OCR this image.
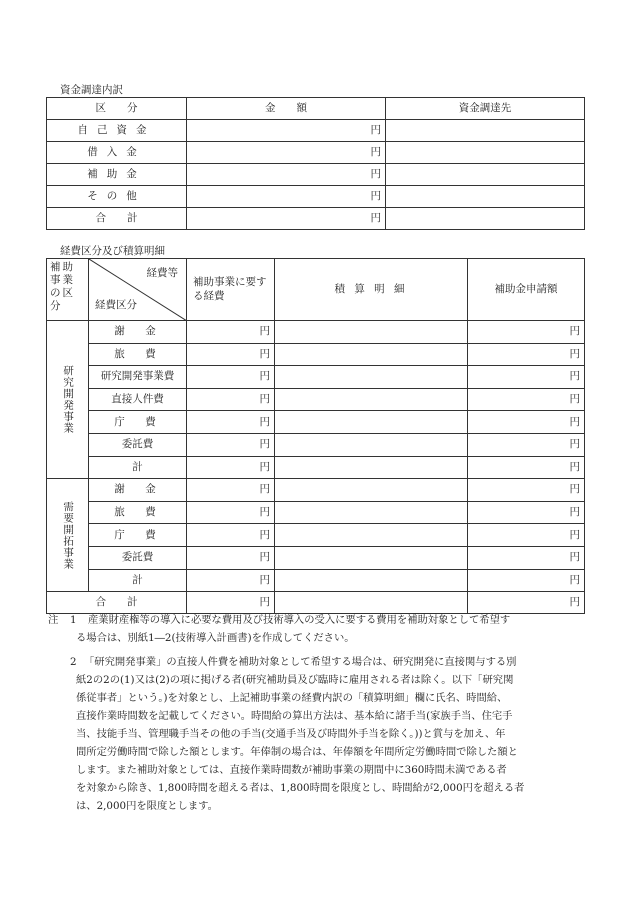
資金調達内訳
区　　分	金　　額	資金調達先
自己資金	円	
借入金	円	
補助金	円	
その他	円	
合　　計	円	
経費区分及び積算明細
補助事業の区分	経費等
経費区分	補助事業に要する経費	積 算 明 細	補助金申請額
研究開発事業	謝　金	円		円
	旅　費	円		円
	研究開発事業費	円		円
	直接人件費	円		円
	庁　費	円		円
	委託費	円		円
	計	円		円
需要開拓事業	謝　金	円		円
	旅　費	円		円
	庁　費	円		円
	委託費	円		円
	計	円		円
合　　計		円		円
注 1 産業財産権等の導入に必要な費用及び技術導入の受入に要する費用を補助対象として希望す
る場合は、別紙1―2(技術導入計画書)を作成してください。
2 「研究開発事業」の直接人件費を補助対象として希望する場合は、研究開発に直接関与する別
紙2の2の(1)又は(2)の項に掲げる者(研究補助員及び臨時に雇用される者は除く。以下「研究関
係従事者」という。)を対象とし、上記補助事業の経費内訳の「積算明細」欄に氏名、時間給、
直接作業時間数を記載してください。時間給の算出方法は、基本給に諸手当(家族手当、住宅手
当、技能手当、管理職手当その他の手当(交通手当及び時間外手当を除く。))と賞与を加え、年
間所定労働時間で除した額とします。年俸制の場合は、年俸額を年間所定労働時間で除した額と
します。また補助対象としては、直接作業時間数が補助事業の期間中に360時間未満である者
を対象から除き、1,800時間を超える者は、1,800時間を限度とし、時間給が2,000円を超える者
は、2,000円を限度とします。
